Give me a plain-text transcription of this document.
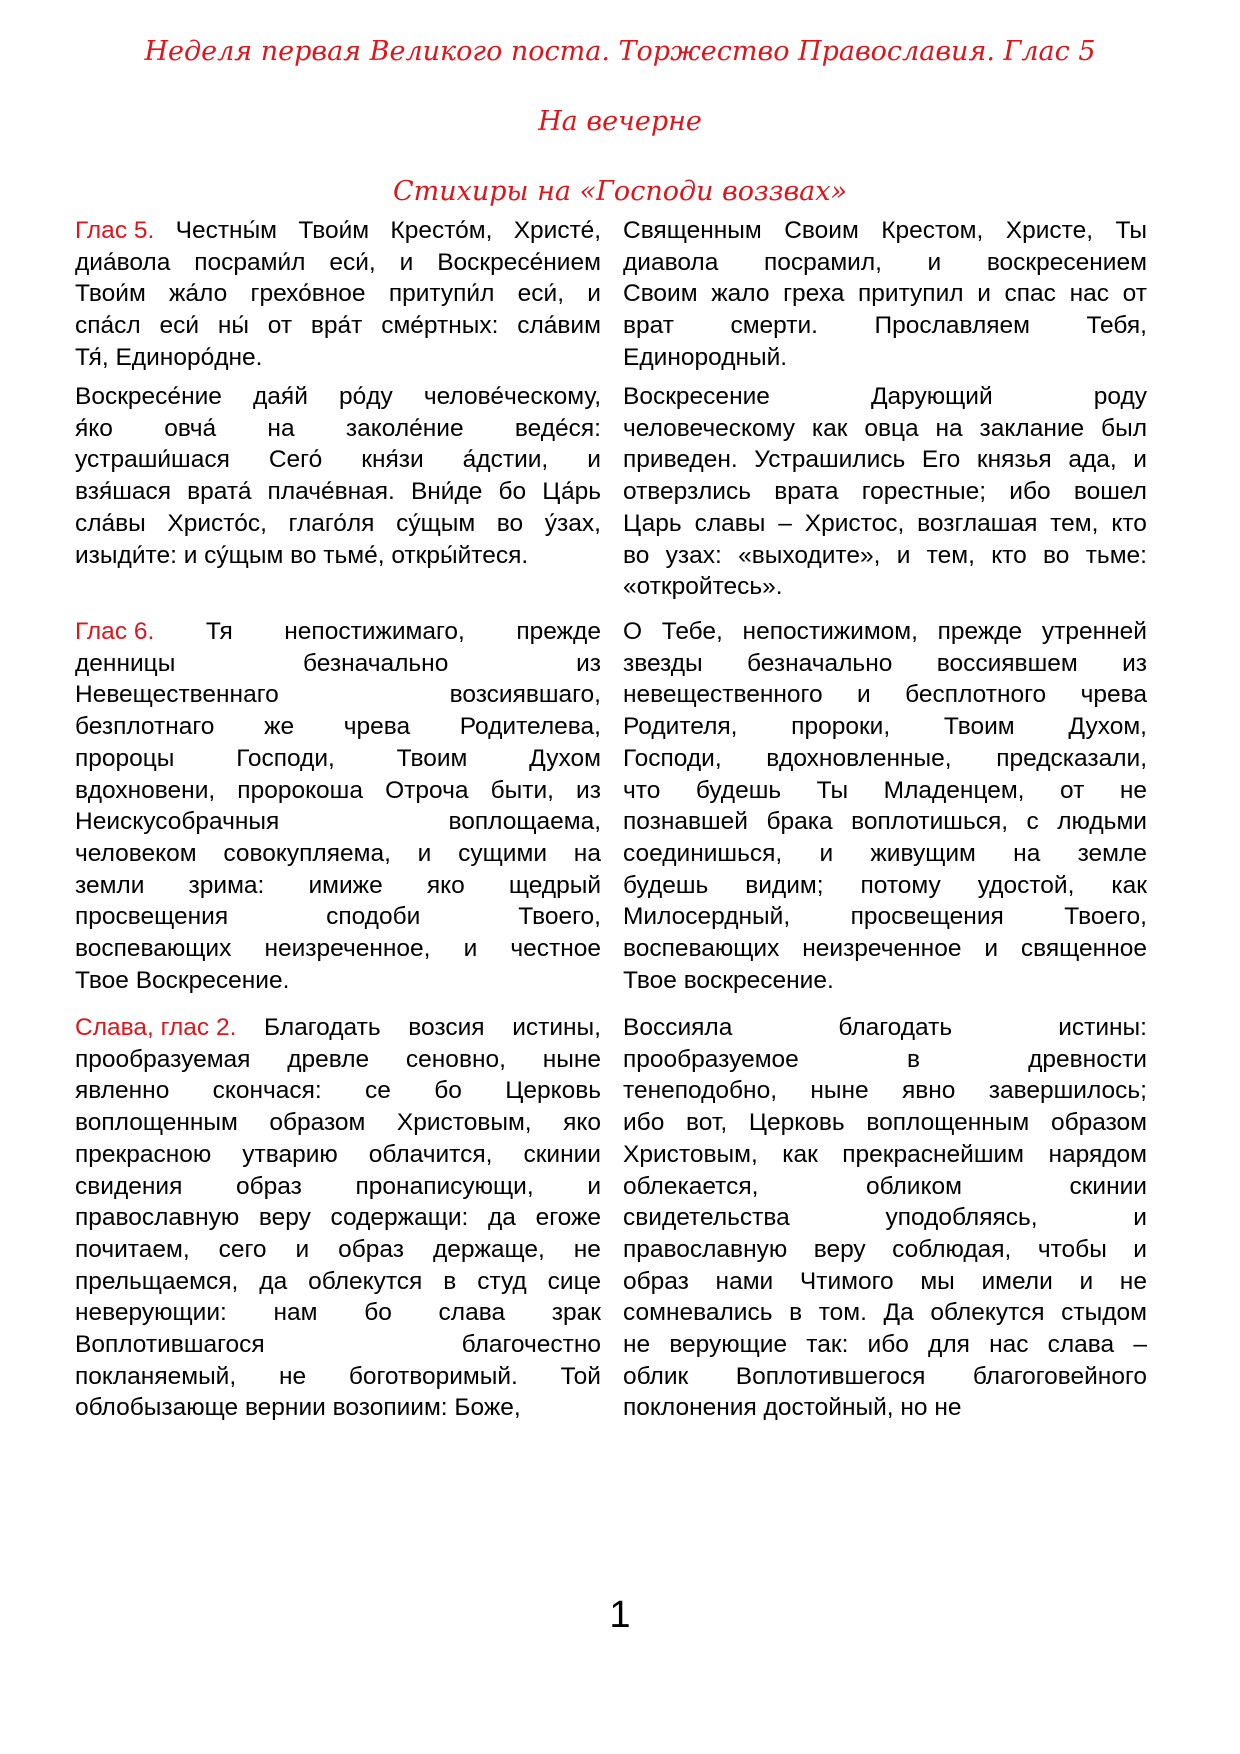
Неделя первая Великого поста. Торжество Православия. Глас 5
На вечерне
Стихиры на «Господи воззвах»
Глас 5. Честны́м Твои́м Кресто́м, Христе́,
диа́вола посрами́л еси́, и Воскресе́нием
Твои́м жа́ло грехо́вное притупи́л еси́, и
спа́сл еси́ ны́ от вра́т сме́ртных: сла́вим
Тя́, Единоро́дне.
Священным Своим Крестом, Христе, Ты
диавола посрамил, и воскресением
Своим жало греха притупил и спас нас от
врат смерти. Прославляем Тебя,
Единородный.
Воскресе́ние дая́й ро́ду челове́ческому,
я́ко овча́ на заколе́ние веде́ся:
устраши́шася Сего́ кня́зи а́дстии, и
взя́шася врата́ плаче́вная. Вни́де бо Ца́рь
сла́вы Христо́с, глаго́ля су́щым во у́зах,
изыди́те: и су́щым во тьме́, откры́йтеся.
Воскресение	Дарующий	роду
человеческому как овца на заклание был
приведен. Устрашились Его князья ада, и
отверзлись врата горестные; ибо вошел
Царь славы – Христос, возглашая тем, кто
во узах: «выходите», и тем, кто во тьме:
«откройтесь».
Глас 6. Тя непостижимаго, прежде
денницы	безначально	из
Невещественнаго	возсиявшаго,
безплотнаго же чрева Родителева,
пророцы	Господи,	Твоим	Духом
вдохновени, пророкоша Отроча быти, из
Неискусобрачныя	воплощаема,
человеком совокупляема, и сущими на
земли зрима: имиже яко щедрый
просвещения	сподоби	Твоего,
воспевающих неизреченное, и честное
Твое Воскресение.
О Тебе, непостижимом, прежде утренней
звезды безначально воссиявшем из
невещественного и бесплотного чрева
Родителя, пророки, Твоим Духом,
Господи, вдохновленные, предсказали,
что будешь Ты Младенцем, от не
познавшей брака воплотишься, с людьми
соединишься, и живущим на земле
будешь видим; потому удостой, как
Милосердный, просвещения Твоего,
воспевающих неизреченное и священное
Твое воскресение.
Слава, глас 2. Благодать возсия истины,
прообразуемая древле сеновно, ныне
явленно скончася: се бо Церковь
воплощенным образом Христовым, яко
прекрасною утварию облачится, скинии
свидения образ пронаписующи, и
православную веру содержащи: да егоже
почитаем, сего и образ держаще, не
прельщаемся, да облекутся в студ сице
неверующии: нам бо слава зрак
Воплотившагося	благочестно
покланяемый, не боготворимый. Той
облобызающе вернии возопиим: Боже,
Воссияла	благодать	истины:
прообразуемое	в	древности
тенеподобно, ныне явно завершилось;
ибо вот, Церковь воплощенным образом
Христовым, как прекраснейшим нарядом
облекается,	обликом	скинии
свидетельства	уподобляясь,	и
православную веру соблюдая, чтобы и
образ нами Чтимого мы имели и не
сомневались в том. Да облекутся стыдом
не верующие так: ибо для нас слава –
облик Воплотившегося благоговейного
поклонения достойный, но не
1
